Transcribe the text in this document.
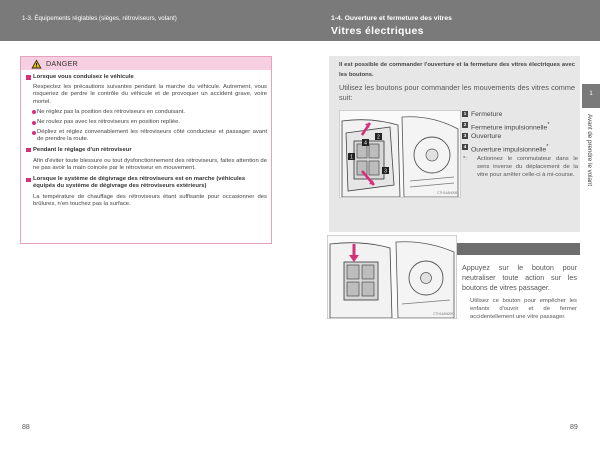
1-3. Équipements réglables (sièges, rétroviseurs, volant)
DANGER
Lorsque vous conduisez le véhicule
Respectez les précautions suivantes pendant la marche du véhicule. Autrement, vous risqueriez de perdre le contrôle du véhicule et de provoquer un accident grave, voire mortel.
Ne réglez pas la position des rétroviseurs en conduisant.
Ne roulez pas avec les rétroviseurs en position repliée.
Dépliez et réglez convenablement les rétroviseurs côté conducteur et passager avant de prendre la route.
Pendant le réglage d'un rétroviseur
Afin d'éviter toute blessure ou tout dysfonctionnement des rétroviseurs, faites attention de ne pas avoir la main coincée par le rétroviseur en mouvement.
Lorsque le système de dégivrage des rétroviseurs est en marche (véhicules équipés du système de dégivrage des rétroviseurs extérieurs)
La température de chauffage des rétroviseurs étant suffisante pour occasionner des brûlures, n'en touchez pas la surface.
88
1-4. Ouverture et fermeture des vitres
Vitres électriques
1
Avant de prendre le volant
Il est possible de commander l'ouverture et la fermeture des vitres électriques avec les boutons.
Utilisez les boutons pour commander les mouvements des vitres comme suit:
1
2
3
4
CTH14AN008
1 Fermeture
2 Fermeture impulsionnelle*
3 Ouverture
4 Ouverture impulsionnelle*
*: Actionnez le commutateur dans le sens inverse du déplacement de la vitre pour arrêter celle-ci à mi-course.
CTH14AN009
Appuyez sur le bouton pour neutraliser toute action sur les boutons de vitres passager.
Utilisez ce bouton pour empêcher les enfants d'ouvrir et de fermer accidentellement une vitre passager.
89
